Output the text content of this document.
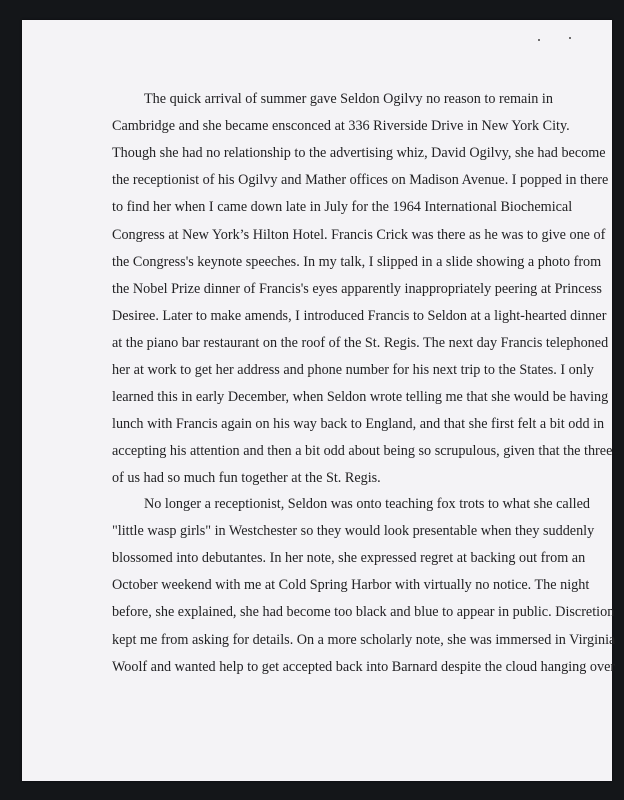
The quick arrival of summer gave Seldon Ogilvy no reason to remain in
Cambridge and she became ensconced at 336 Riverside Drive in New York City.
Though she had no relationship to the advertising whiz, David Ogilvy, she had become
the receptionist of his Ogilvy and Mather offices on Madison Avenue. I popped in there
to find her when I came down late in July for the 1964 International Biochemical
Congress at New York’s Hilton Hotel. Francis Crick was there as he was to give one of
the Congress's keynote speeches. In my talk, I slipped in a slide showing a photo from
the Nobel Prize dinner of Francis's eyes apparently inappropriately peering at Princess
Desiree. Later to make amends, I introduced Francis to Seldon at a light-hearted dinner
at the piano bar restaurant on the roof of the St. Regis. The next day Francis telephoned
her at work to get her address and phone number for his next trip to the States. I only
learned this in early December, when Seldon wrote telling me that she would be having
lunch with Francis again on his way back to England, and that she first felt a bit odd in
accepting his attention and then a bit odd about being so scrupulous, given that the three
of us had so much fun together at the St. Regis.
No longer a receptionist, Seldon was onto teaching fox trots to what she called
"little wasp girls" in Westchester so they would look presentable when they suddenly
blossomed into debutantes. In her note, she expressed regret at backing out from an
October weekend with me at Cold Spring Harbor with virtually no notice. The night
before, she explained, she had become too black and blue to appear in public. Discretion
kept me from asking for details. On a more scholarly note, she was immersed in Virginia
Woolf and wanted help to get accepted back into Barnard despite the cloud hanging over
